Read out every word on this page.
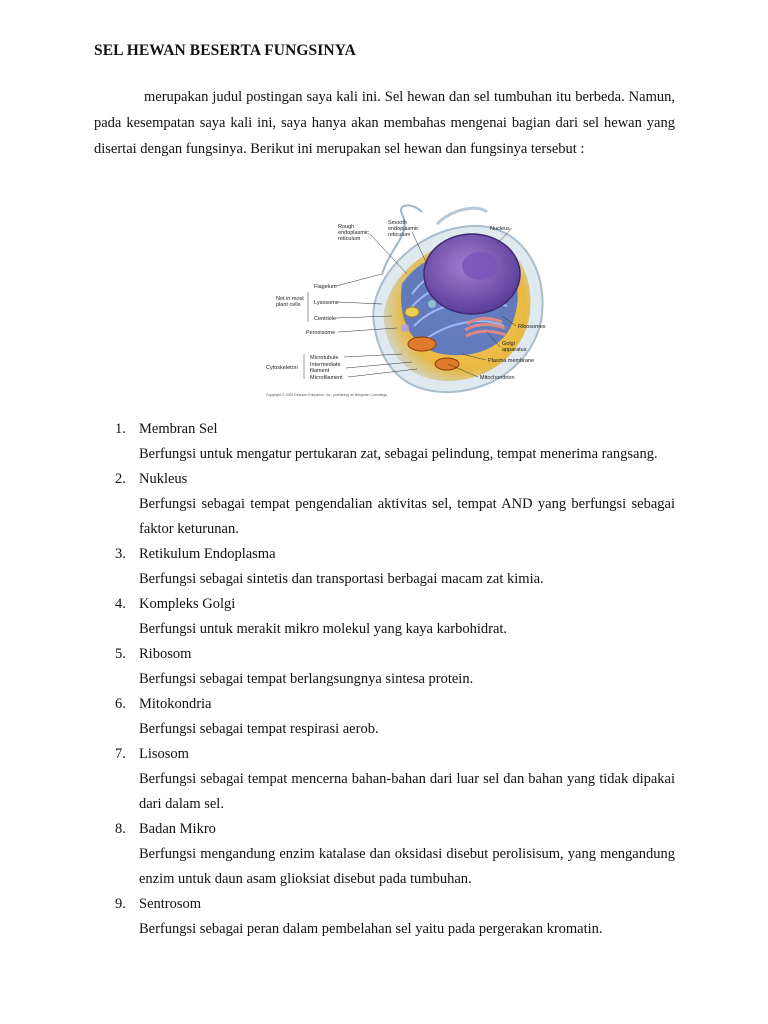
SEL HEWAN BESERTA FUNGSINYA

merupakan judul postingan saya kali ini. Sel hewan dan sel tumbuhan itu berbeda. Namun, pada kesempatan saya kali ini, saya hanya akan membahas mengenai bagian dari sel hewan yang disertai dengan fungsinya. Berikut ini merupakan sel hewan dan fungsinya tersebut :

Rough
endoplasmic
reticulum
Smooth
endoplasmic
reticulum
Nucleus
Flagelum
Not in most
plant cells Lysosome
Centriole
Peroxisome
Ribosomes
Golgi
apparatus
Plasma membrane
Mitochondrion
Cytoskeleton
Microtubule
Intermediate
filament
Microfilament
Copyright © 2003 Pearson Education, Inc., publishing as Benjamin Cummings
1. Membran Sel
Berfungsi untuk mengatur pertukaran zat, sebagai pelindung, tempat menerima rangsang.
2. Nukleus
Berfungsi sebagai tempat pengendalian aktivitas sel, tempat AND yang berfungsi sebagai faktor keturunan.
3. Retikulum Endoplasma
Berfungsi sebagai sintetis dan transportasi berbagai macam zat kimia.
4. Kompleks Golgi
Berfungsi untuk merakit mikro molekul yang kaya karbohidrat.
5. Ribosom
Berfungsi sebagai tempat berlangsungnya sintesa protein.
6. Mitokondria
Berfungsi sebagai tempat respirasi aerob.
7. Lisosom
Berfungsi sebagai tempat mencerna bahan-bahan dari luar sel dan bahan yang tidak dipakai dari dalam sel.
8. Badan Mikro
Berfungsi mengandung enzim katalase dan oksidasi disebut perolisisum, yang mengandung enzim untuk daun asam glioksiat disebut pada tumbuhan.
9. Sentrosom
Berfungsi sebagai peran dalam pembelahan sel yaitu pada pergerakan kromatin.
